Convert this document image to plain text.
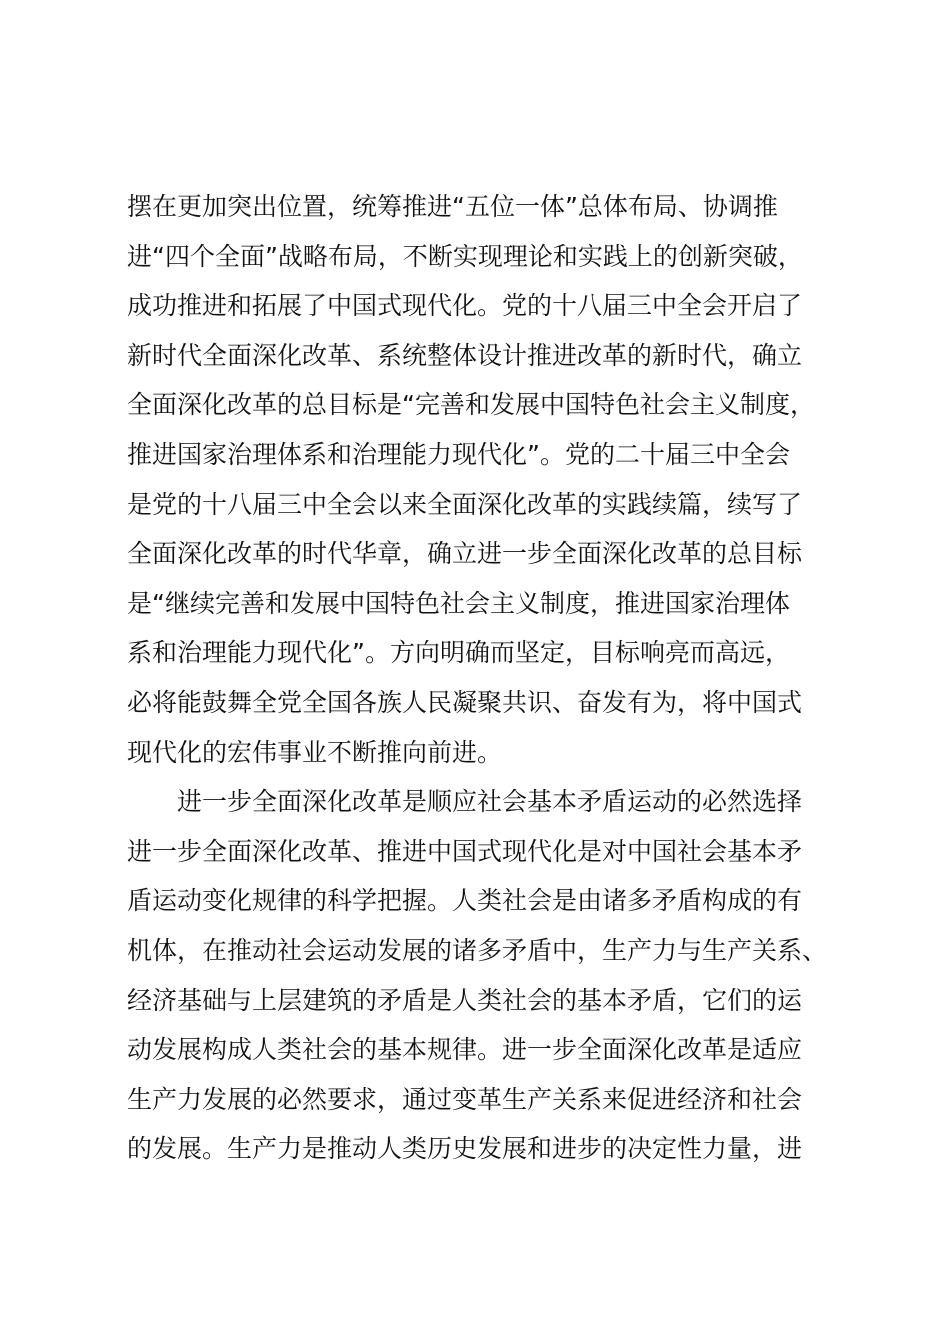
摆在更加突出位置，统筹推进“五位一体”总体布局、协调推
进“四个全面”战略布局，不断实现理论和实践上的创新突破，
成功推进和拓展了中国式现代化。党的十八届三中全会开启了
新时代全面深化改革、系统整体设计推进改革的新时代，确立
全面深化改革的总目标是“完善和发展中国特色社会主义制度，
推进国家治理体系和治理能力现代化”。党的二十届三中全会
是党的十八届三中全会以来全面深化改革的实践续篇，续写了
全面深化改革的时代华章，确立进一步全面深化改革的总目标
是“继续完善和发展中国特色社会主义制度，推进国家治理体
系和治理能力现代化”。方向明确而坚定，目标响亮而高远，
必将能鼓舞全党全国各族人民凝聚共识、奋发有为，将中国式
现代化的宏伟事业不断推向前进。
进一步全面深化改革是顺应社会基本矛盾运动的必然选择
进一步全面深化改革、推进中国式现代化是对中国社会基本矛
盾运动变化规律的科学把握。人类社会是由诸多矛盾构成的有
机体，在推动社会运动发展的诸多矛盾中，生产力与生产关系、
经济基础与上层建筑的矛盾是人类社会的基本矛盾，它们的运
动发展构成人类社会的基本规律。进一步全面深化改革是适应
生产力发展的必然要求，通过变革生产关系来促进经济和社会
的发展。生产力是推动人类历史发展和进步的决定性力量，进
